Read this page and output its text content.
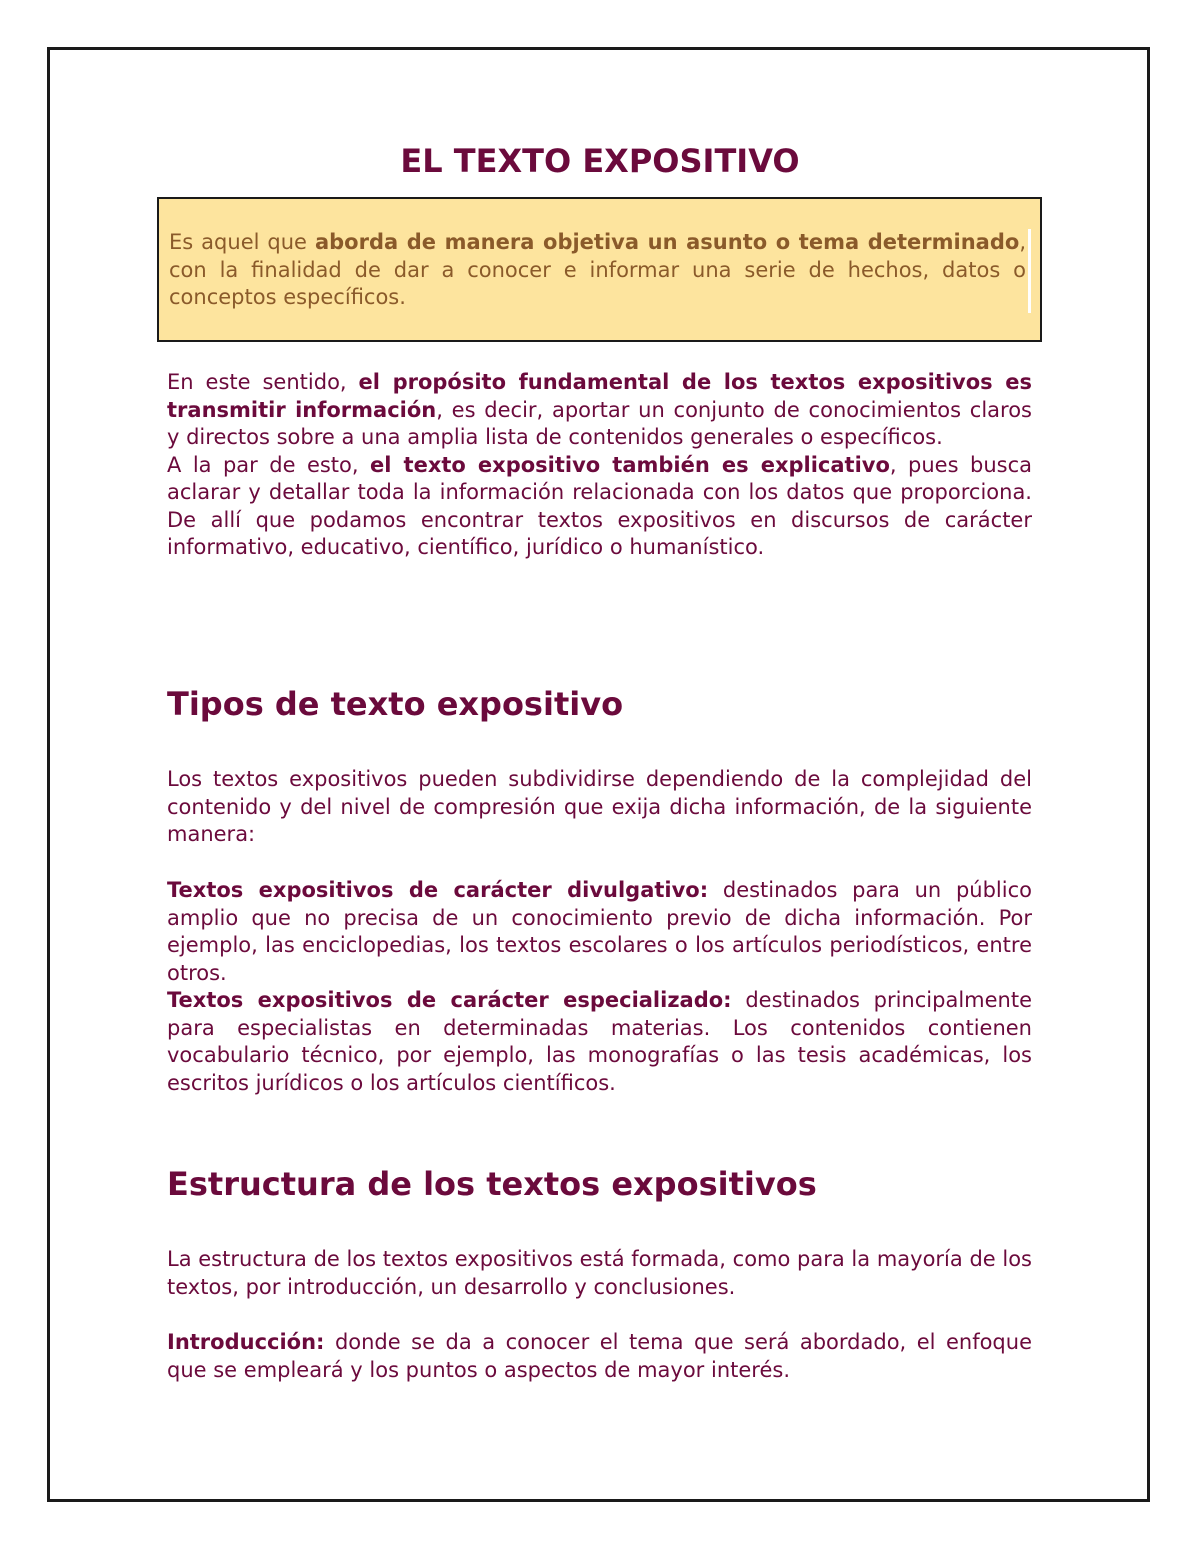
EL TEXTO EXPOSITIVO

Es aquel que aborda de manera objetiva un asunto o tema determinado, con la finalidad de dar a conocer e informar una serie de hechos, datos o conceptos específicos.

En este sentido, el propósito fundamental de los textos expositivos es transmitir información, es decir, aportar un conjunto de conocimientos claros y directos sobre a una amplia lista de contenidos generales o específicos.

A la par de esto, el texto expositivo también es explicativo, pues busca aclarar y detallar toda la información relacionada con los datos que proporciona. De allí que podamos encontrar textos expositivos en discursos de carácter informativo, educativo, científico, jurídico o humanístico.

Tipos de texto expositivo

Los textos expositivos pueden subdividirse dependiendo de la complejidad del contenido y del nivel de compresión que exija dicha información, de la siguiente manera:

Textos expositivos de carácter divulgativo: destinados para un público amplio que no precisa de un conocimiento previo de dicha información. Por ejemplo, las enciclopedias, los textos escolares o los artículos periodísticos, entre otros.

Textos expositivos de carácter especializado: destinados principalmente para especialistas en determinadas materias. Los contenidos contienen vocabulario técnico, por ejemplo, las monografías o las tesis académicas, los escritos jurídicos o los artículos científicos.

Estructura de los textos expositivos

La estructura de los textos expositivos está formada, como para la mayoría de los textos, por introducción, un desarrollo y conclusiones.

Introducción: donde se da a conocer el tema que será abordado, el enfoque que se empleará y los puntos o aspectos de mayor interés.
